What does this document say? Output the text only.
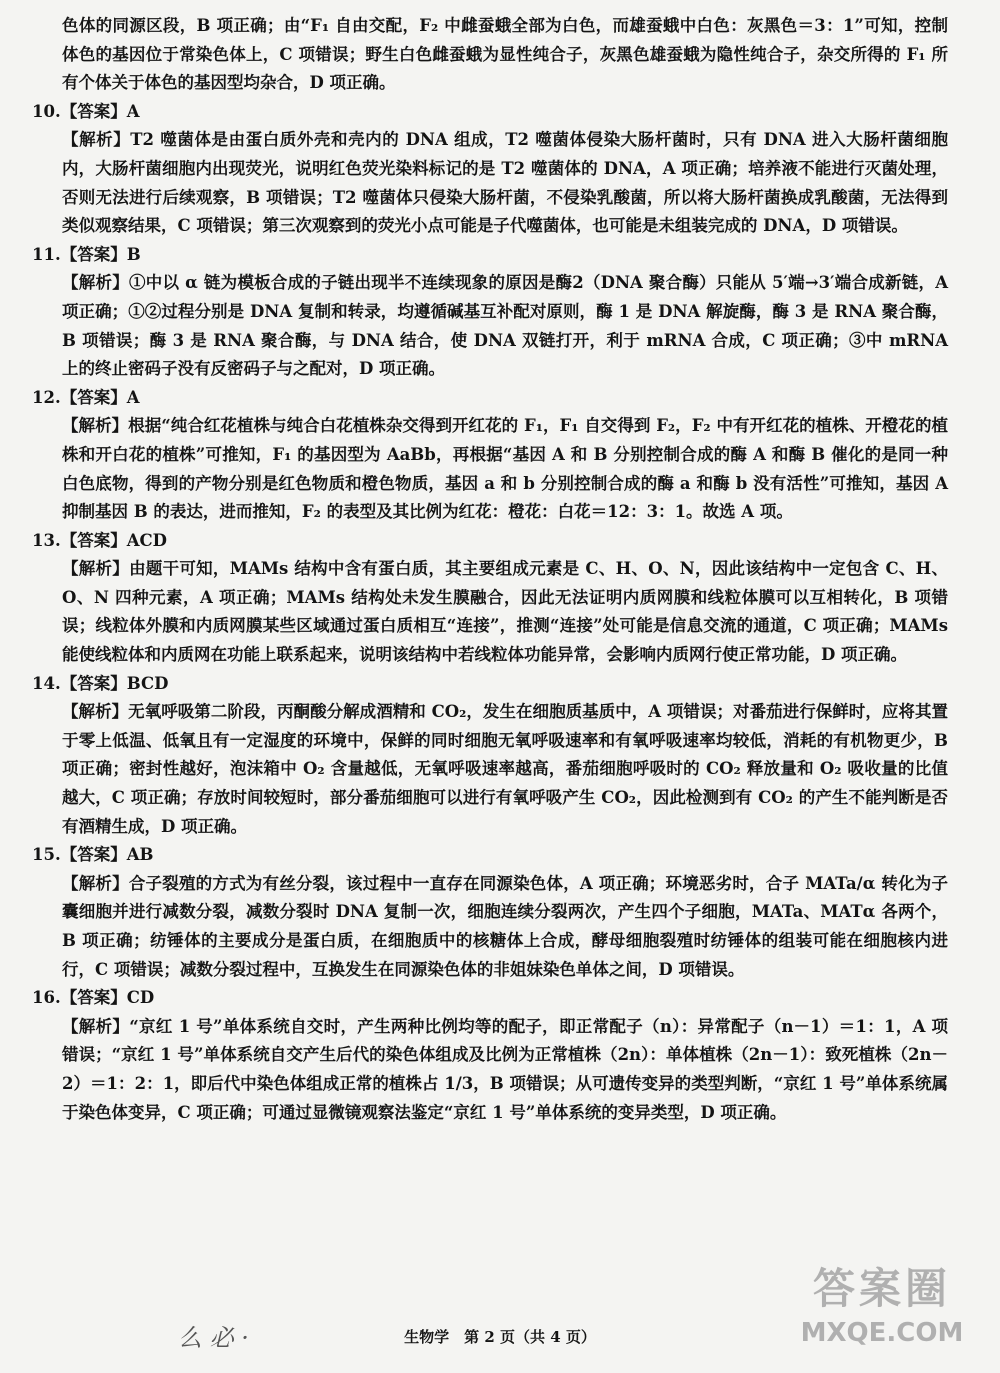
色体的同源区段，B 项正确；由“F₁ 自由交配，F₂ 中雌蚕蛾全部为白色，而雄蚕蛾中白色：灰黑色＝3：1”可知，控制体色的基因位于常染色体上，C 项错误；野生白色雌蚕蛾为显性纯合子，灰黑色雄蚕蛾为隐性纯合子，杂交所得的 F₁ 所有个体关于体色的基因型均杂合，D 项正确。

10.【答案】A

【解析】T2 噬菌体是由蛋白质外壳和壳内的 DNA 组成，T2 噬菌体侵染大肠杆菌时，只有 DNA 进入大肠杆菌细胞内，大肠杆菌细胞内出现荧光，说明红色荧光染料标记的是 T2 噬菌体的 DNA，A 项正确；培养液不能进行灭菌处理，否则无法进行后续观察，B 项错误；T2 噬菌体只侵染大肠杆菌，不侵染乳酸菌，所以将大肠杆菌换成乳酸菌，无法得到类似观察结果，C 项错误；第三次观察到的荧光小点可能是子代噬菌体，也可能是未组装完成的 DNA，D 项错误。

11.【答案】B

【解析】①中以 α 链为模板合成的子链出现半不连续现象的原因是酶2（DNA 聚合酶）只能从 5′端→3′端合成新链，A 项正确；①②过程分别是 DNA 复制和转录，均遵循碱基互补配对原则，酶 1 是 DNA 解旋酶，酶 3 是 RNA 聚合酶，B 项错误；酶 3 是 RNA 聚合酶，与 DNA 结合，使 DNA 双链打开，利于 mRNA 合成，C 项正确；③中 mRNA 上的终止密码子没有反密码子与之配对，D 项正确。

12.【答案】A

【解析】根据“纯合红花植株与纯合白花植株杂交得到开红花的 F₁，F₁ 自交得到 F₂，F₂ 中有开红花的植株、开橙花的植株和开白花的植株”可推知，F₁ 的基因型为 AaBb，再根据“基因 A 和 B 分别控制合成的酶 A 和酶 B 催化的是同一种白色底物，得到的产物分别是红色物质和橙色物质，基因 a 和 b 分别控制合成的酶 a 和酶 b 没有活性”可推知，基因 A 抑制基因 B 的表达，进而推知，F₂ 的表型及其比例为红花：橙花：白花＝12：3：1。故选 A 项。

13.【答案】ACD

【解析】由题干可知，MAMs 结构中含有蛋白质，其主要组成元素是 C、H、O、N，因此该结构中一定包含 C、H、O、N 四种元素，A 项正确；MAMs 结构处未发生膜融合，因此无法证明内质网膜和线粒体膜可以互相转化，B 项错误；线粒体外膜和内质网膜某些区域通过蛋白质相互“连接”，推测“连接”处可能是信息交流的通道，C 项正确；MAMs 能使线粒体和内质网在功能上联系起来，说明该结构中若线粒体功能异常，会影响内质网行使正常功能，D 项正确。

14.【答案】BCD

【解析】无氧呼吸第二阶段，丙酮酸分解成酒精和 CO₂，发生在细胞质基质中，A 项错误；对番茄进行保鲜时，应将其置于零上低温、低氧且有一定湿度的环境中，保鲜的同时细胞无氧呼吸速率和有氧呼吸速率均较低，消耗的有机物更少，B 项正确；密封性越好，泡沫箱中 O₂ 含量越低，无氧呼吸速率越高，番茄细胞呼吸时的 CO₂ 释放量和 O₂ 吸收量的比值越大，C 项正确；存放时间较短时，部分番茄细胞可以进行有氧呼吸产生 CO₂，因此检测到有 CO₂ 的产生不能判断是否有酒精生成，D 项正确。

15.【答案】AB

【解析】合子裂殖的方式为有丝分裂，该过程中一直存在同源染色体，A 项正确；环境恶劣时，合子 MATa/α 转化为子囊细胞并进行减数分裂，减数分裂时 DNA 复制一次，细胞连续分裂两次，产生四个子细胞，MATa、MATα 各两个，B 项正确；纺锤体的主要成分是蛋白质，在细胞质中的核糖体上合成，酵母细胞裂殖时纺锤体的组装可能在细胞核内进行，C 项错误；减数分裂过程中，互换发生在同源染色体的非姐妹染色单体之间，D 项错误。

16.【答案】CD

【解析】“京红 1 号”单体系统自交时，产生两种比例均等的配子，即正常配子（n）：异常配子（n－1）＝1：1，A 项错误；“京红 1 号”单体系统自交产生后代的染色体组成及比例为正常植株（2n）：单体植株（2n－1）：致死植株（2n－2）＝1：2：1，即后代中染色体组成正常的植株占 1/3，B 项错误；从可遗传变异的类型判断，“京红 1 号”单体系统属于染色体变异，C 项正确；可通过显微镜观察法鉴定“京红 1 号”单体系统的变异类型，D 项正确。

么 必 ·	生物学　第 2 页（共 4 页）
答案圈
MXQE.COM
